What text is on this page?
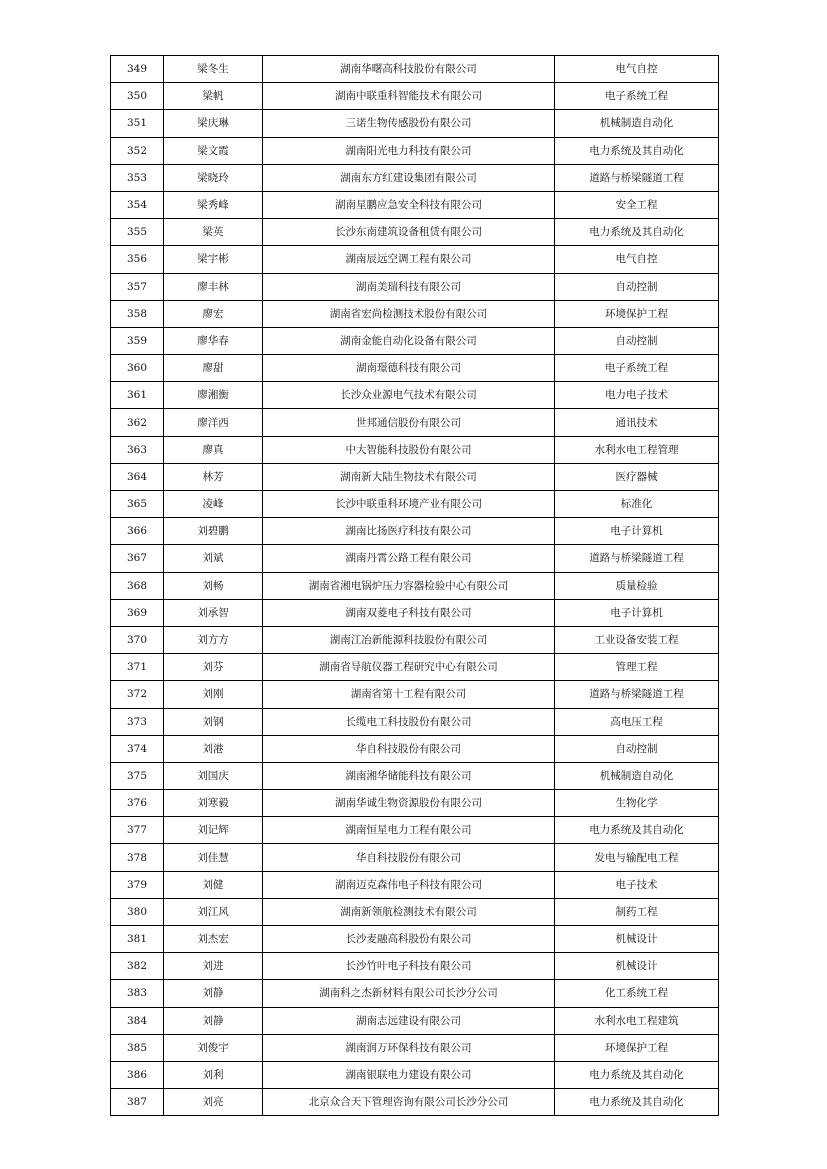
349	梁冬生	湖南华曙高科技股份有限公司	电气自控
350	梁帆	湖南中联重科智能技术有限公司	电子系统工程
351	梁庆琳	三诺生物传感股份有限公司	机械制造自动化
352	梁文霞	湖南阳光电力科技有限公司	电力系统及其自动化
353	梁晓玲	湖南东方红建设集团有限公司	道路与桥梁隧道工程
354	梁秀峰	湖南星鹏应急安全科技有限公司	安全工程
355	梁英	长沙东南建筑设备租赁有限公司	电力系统及其自动化
356	梁宇彬	湖南辰远空调工程有限公司	电气自控
357	廖丰林	湖南美瑞科技有限公司	自动控制
358	廖宏	湖南省宏尚检测技术股份有限公司	环境保护工程
359	廖华春	湖南金能自动化设备有限公司	自动控制
360	廖甜	湖南璟德科技有限公司	电子系统工程
361	廖湘衡	长沙众业源电气技术有限公司	电力电子技术
362	廖洋西	世邦通信股份有限公司	通讯技术
363	廖真	中大智能科技股份有限公司	水利水电工程管理
364	林芳	湖南新大陆生物技术有限公司	医疗器械
365	凌峰	长沙中联重科环境产业有限公司	标准化
366	刘碧鹏	湖南比扬医疗科技有限公司	电子计算机
367	刘斌	湖南丹霄公路工程有限公司	道路与桥梁隧道工程
368	刘畅	湖南省湘电锅炉压力容器检验中心有限公司	质量检验
369	刘承智	湖南双菱电子科技有限公司	电子计算机
370	刘方方	湖南江冶新能源科技股份有限公司	工业设备安装工程
371	刘芬	湖南省导航仪器工程研究中心有限公司	管理工程
372	刘刚	湖南省第十工程有限公司	道路与桥梁隧道工程
373	刘钢	长缆电工科技股份有限公司	高电压工程
374	刘港	华自科技股份有限公司	自动控制
375	刘国庆	湖南湘华储能科技有限公司	机械制造自动化
376	刘寒毅	湖南华诚生物资源股份有限公司	生物化学
377	刘记辉	湖南恒星电力工程有限公司	电力系统及其自动化
378	刘佳慧	华自科技股份有限公司	发电与输配电工程
379	刘健	湖南迈克森伟电子科技有限公司	电子技术
380	刘江风	湖南新领航检测技术有限公司	制药工程
381	刘杰宏	长沙麦融高科股份有限公司	机械设计
382	刘进	长沙竹叶电子科技有限公司	机械设计
383	刘静	湖南科之杰新材料有限公司长沙分公司	化工系统工程
384	刘静	湖南志远建设有限公司	水利水电工程建筑
385	刘俊宇	湖南润万环保科技有限公司	环境保护工程
386	刘利	湖南银联电力建设有限公司	电力系统及其自动化
387	刘亮	北京众合天下管理咨询有限公司长沙分公司	电力系统及其自动化
